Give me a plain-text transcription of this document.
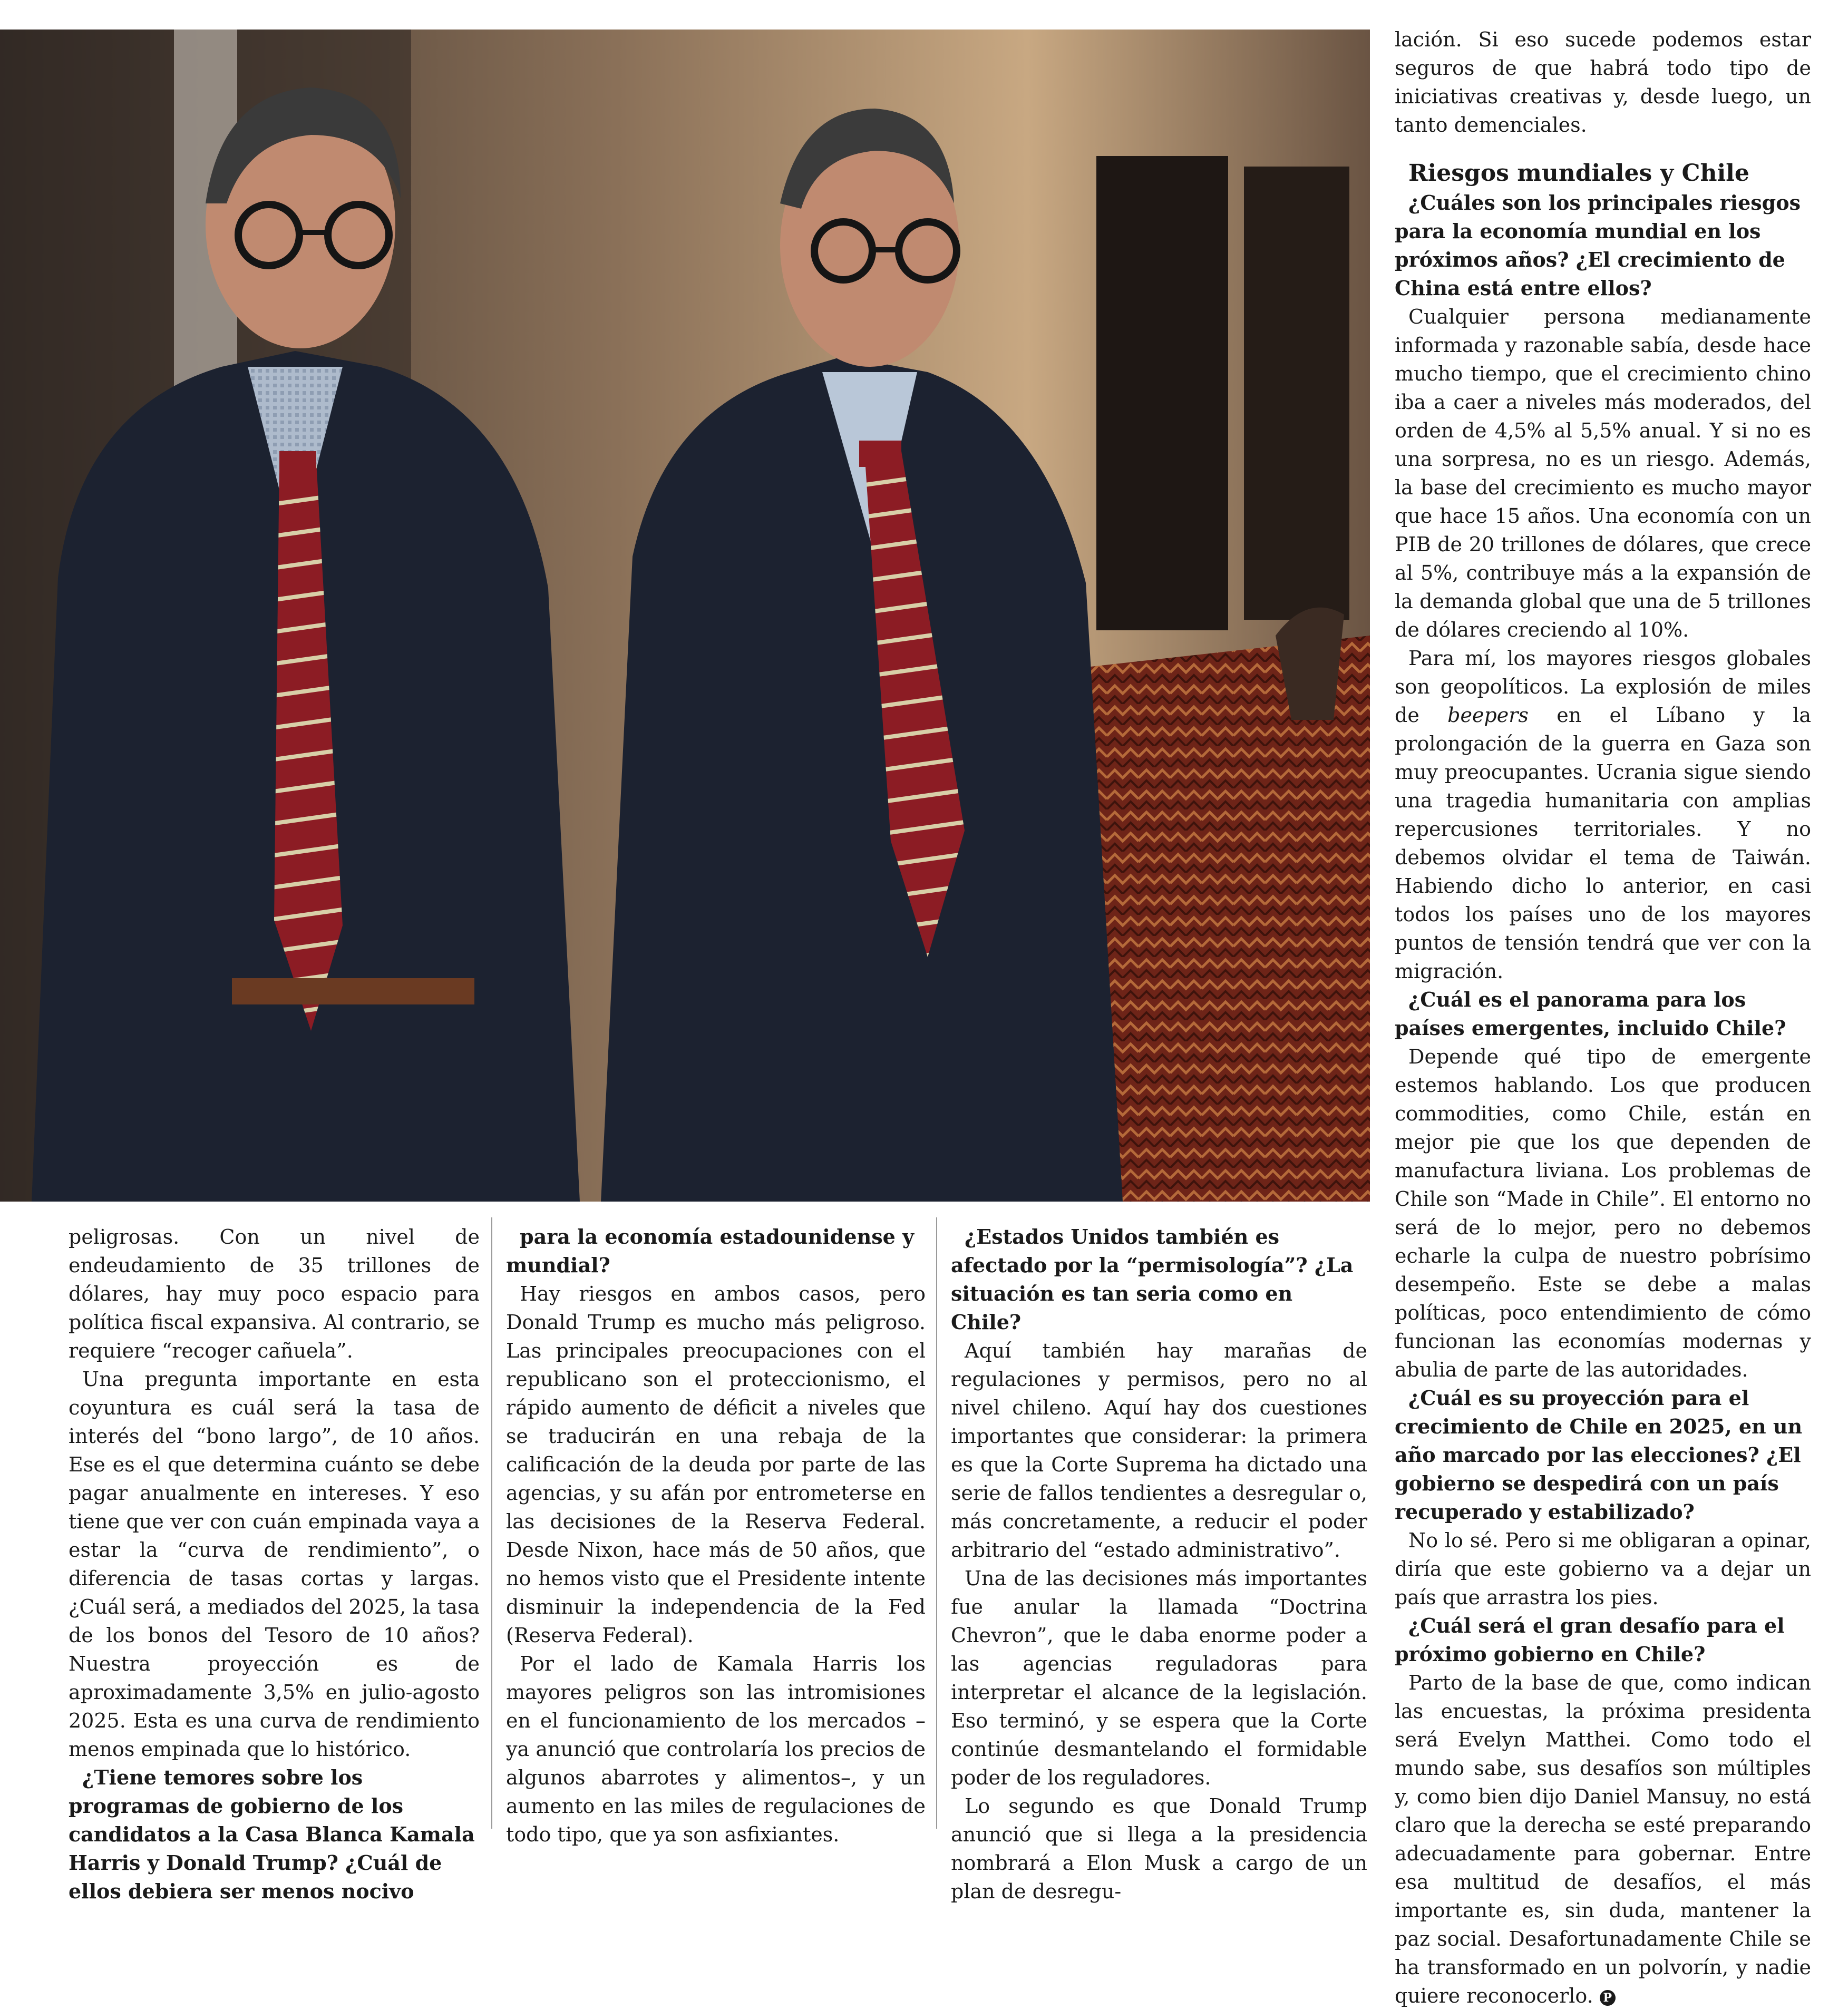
peligrosas. Con un nivel de endeudamiento de 35 trillones de dólares, hay muy poco espacio para política fiscal expansiva. Al contrario, se requiere “recoger cañuela”.

Una pregunta importante en esta coyuntura es cuál será la tasa de interés del “bono largo”, de 10 años. Ese es el que determina cuánto se debe pagar anualmente en intereses. Y eso tiene que ver con cuán empinada vaya a estar la “curva de rendimiento”, o diferencia de tasas cortas y largas. ¿Cuál será, a mediados del 2025, la tasa de los bonos del Tesoro de 10 años? Nuestra proyección es de aproximadamente 3,5% en julio-agosto 2025. Esta es una curva de rendimiento menos empinada que lo histórico.

¿Tiene temores sobre los programas de gobierno de los candidatos a la Casa Blanca Kamala Harris y Donald Trump? ¿Cuál de ellos debiera ser menos nocivo

para la economía estadounidense y mundial?

Hay riesgos en ambos casos, pero Donald Trump es mucho más peligroso. Las principales preocupaciones con el republicano son el proteccionismo, el rápido aumento de déficit a niveles que se traducirán en una rebaja de la calificación de la deuda por parte de las agencias, y su afán por entrometerse en las decisiones de la Reserva Federal. Desde Nixon, hace más de 50 años, que no hemos visto que el Presidente intente disminuir la independencia de la Fed (Reserva Federal).

Por el lado de Kamala Harris los mayores peligros son las intromisiones en el funcionamiento de los mercados –ya anunció que controlaría los precios de algunos abarrotes y alimentos–, y un aumento en las miles de regulaciones de todo tipo, que ya son asfixiantes.

¿Estados Unidos también es afectado por la “permisología”? ¿La situación es tan seria como en Chile?

Aquí también hay marañas de regulaciones y permisos, pero no al nivel chileno. Aquí hay dos cuestiones importantes que considerar: la primera es que la Corte Suprema ha dictado una serie de fallos tendientes a desregular o, más concretamente, a reducir el poder arbitrario del “estado administrativo”.

Una de las decisiones más importantes fue anular la llamada “Doctrina Chevron”, que le daba enorme poder a las agencias reguladoras para interpretar el alcance de la legislación. Eso terminó, y se espera que la Corte continúe desmantelando el formidable poder de los reguladores.

Lo segundo es que Donald Trump anunció que si llega a la presidencia nombrará a Elon Musk a cargo de un plan de desregu-

lación. Si eso sucede podemos estar seguros de que habrá todo tipo de iniciativas creativas y, desde luego, un tanto demenciales.

Riesgos mundiales y Chile

¿Cuáles son los principales riesgos para la economía mundial en los próximos años? ¿El crecimiento de China está entre ellos?

Cualquier persona medianamente informada y razonable sabía, desde hace mucho tiempo, que el crecimiento chino iba a caer a niveles más moderados, del orden de 4,5% al 5,5% anual. Y si no es una sorpresa, no es un riesgo. Además, la base del crecimiento es mucho mayor que hace 15 años. Una economía con un PIB de 20 trillones de dólares, que crece al 5%, contribuye más a la expansión de la demanda global que una de 5 trillones de dólares creciendo al 10%.

Para mí, los mayores riesgos globales son geopolíticos. La explosión de miles de beepers en el Líbano y la prolongación de la guerra en Gaza son muy preocupantes. Ucrania sigue siendo una tragedia humanitaria con amplias repercusiones territoriales. Y no debemos olvidar el tema de Taiwán. Habiendo dicho lo anterior, en casi todos los países uno de los mayores puntos de tensión tendrá que ver con la migración.

¿Cuál es el panorama para los países emergentes, incluido Chile?

Depende qué tipo de emergente estemos hablando. Los que producen commodities, como Chile, están en mejor pie que los que dependen de manufactura liviana. Los problemas de Chile son “Made in Chile”. El entorno no será de lo mejor, pero no debemos echarle la culpa de nuestro pobrísimo desempeño. Este se debe a malas políticas, poco entendimiento de cómo funcionan las economías modernas y abulia de parte de las autoridades.

¿Cuál es su proyección para el crecimiento de Chile en 2025, en un año marcado por las elecciones? ¿El gobierno se despedirá con un país recuperado y estabilizado?

No lo sé. Pero si me obligaran a opinar, diría que este gobierno va a dejar un país que arrastra los pies.

¿Cuál será el gran desafío para el próximo gobierno en Chile?

Parto de la base de que, como indican las encuestas, la próxima presidenta será Evelyn Matthei. Como todo el mundo sabe, sus desafíos son múltiples y, como bien dijo Daniel Mansuy, no está claro que la derecha se esté preparando adecuadamente para gobernar. Entre esa multitud de desafíos, el más importante es, sin duda, mantener la paz social. Desafortunadamente Chile se ha transformado en un polvorín, y nadie quiere reconocerlo. P
